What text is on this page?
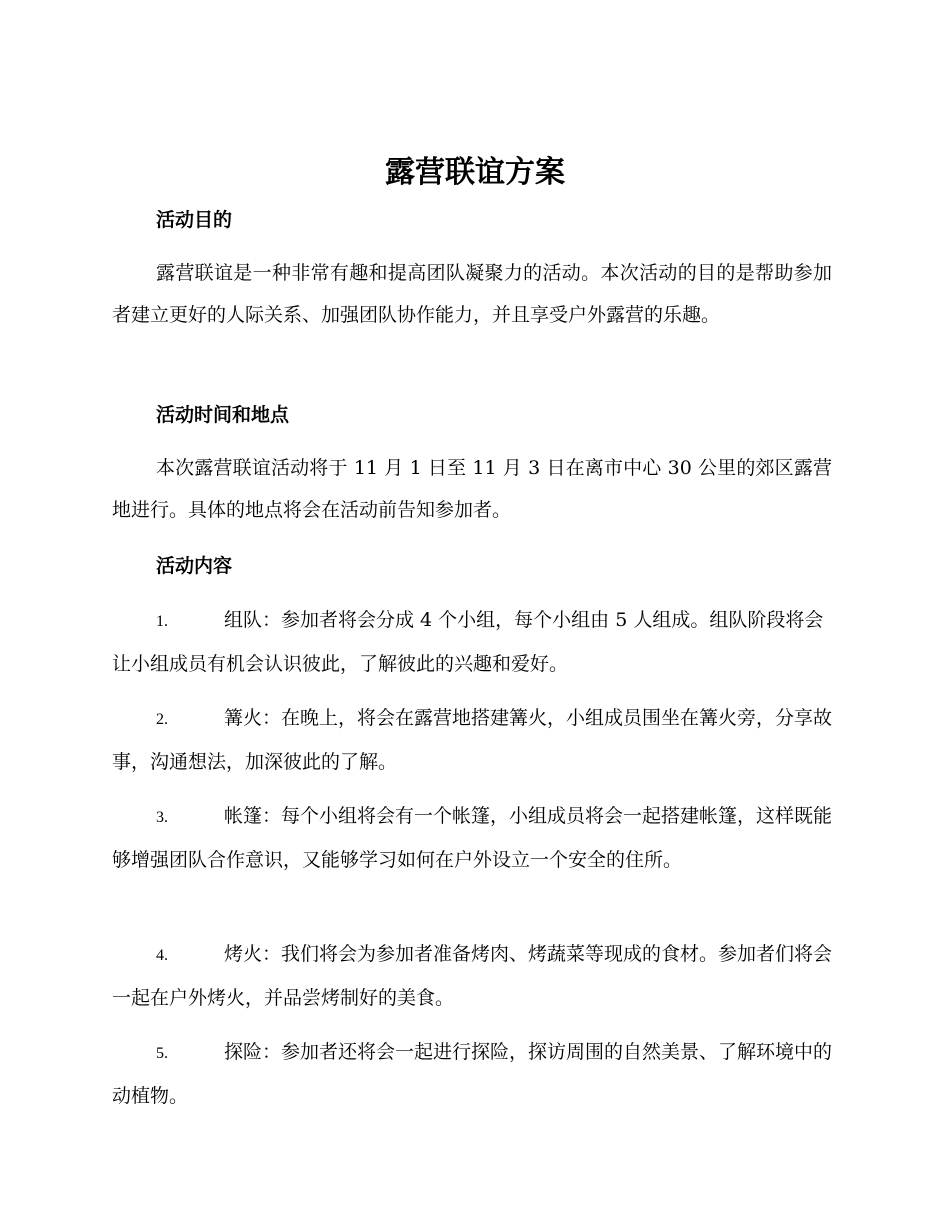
露营联谊方案
活动目的

露营联谊是一种非常有趣和提高团队凝聚力的活动。本次活动的目的是帮助参加者建立更好的人际关系、加强团队协作能力，并且享受户外露营的乐趣。

活动时间和地点

本次露营联谊活动将于 11 月 1 日至 11 月 3 日在离市中心 30 公里的郊区露营地进行。具体的地点将会在活动前告知参加者。

活动内容
1.	组队：参加者将会分成 4 个小组，每个小组由 5 人组成。组队阶段将会让小组成员有机会认识彼此，了解彼此的兴趣和爱好。
2.	篝火：在晚上，将会在露营地搭建篝火，小组成员围坐在篝火旁，分享故事，沟通想法，加深彼此的了解。
3.	帐篷：每个小组将会有一个帐篷，小组成员将会一起搭建帐篷，这样既能够增强团队合作意识，又能够学习如何在户外设立一个安全的住所。
4.	烤火：我们将会为参加者准备烤肉、烤蔬菜等现成的食材。参加者们将会一起在户外烤火，并品尝烤制好的美食。
5.	探险：参加者还将会一起进行探险，探访周围的自然美景、了解环境中的动植物。
